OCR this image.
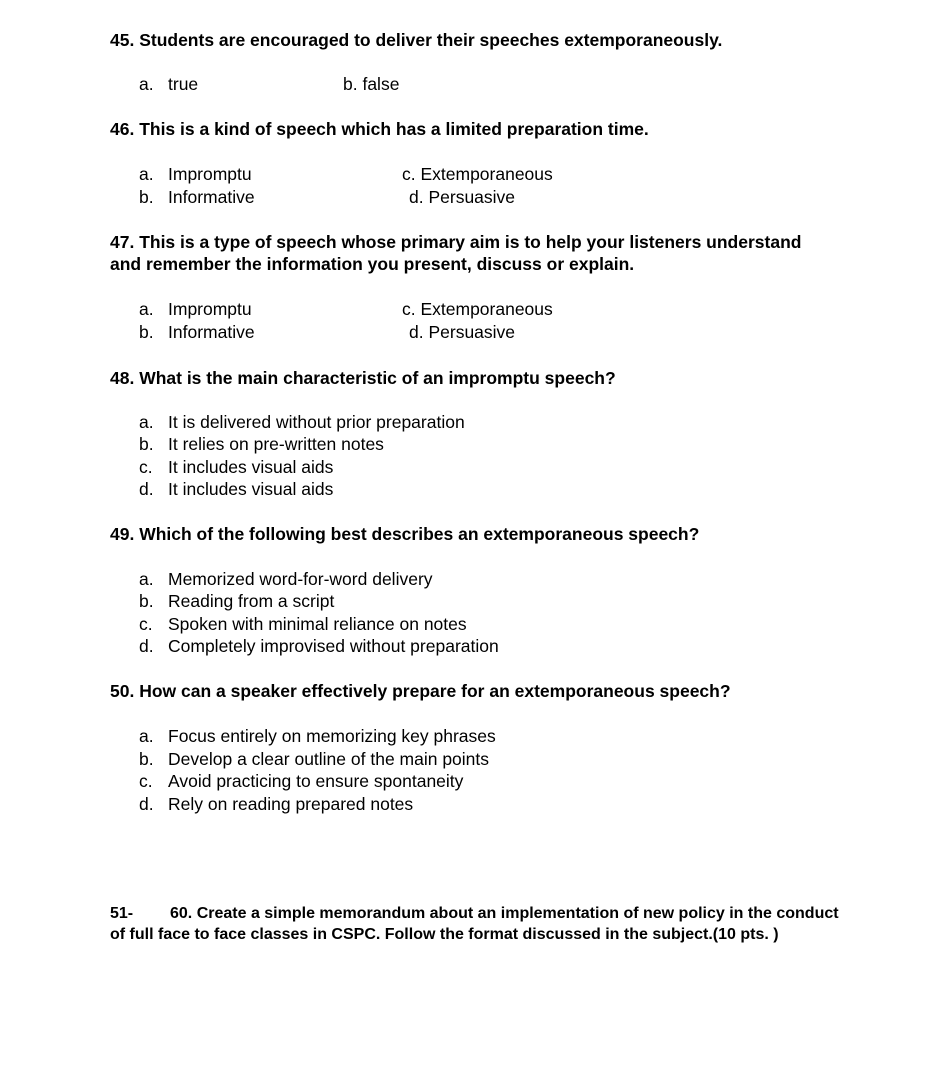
45. Students are encouraged to deliver their speeches extemporaneously.
a. true	b. false
46. This is a kind of speech which has a limited preparation time.
a. Impromptu
b. Informative
c. Extemporaneous
d. Persuasive
47. This is a type of speech whose primary aim is to help your listeners understand and remember the information you present, discuss or explain.
a. Impromptu
b. Informative
c. Extemporaneous
d. Persuasive
48. What is the main characteristic of an impromptu speech?
a. It is delivered without prior preparation
b. It relies on pre-written notes
c. It includes visual aids
d. It includes visual aids
49. Which of the following best describes an extemporaneous speech?
a. Memorized word-for-word delivery
b. Reading from a script
c. Spoken with minimal reliance on notes
d. Completely improvised without preparation
50. How can a speaker effectively prepare for an extemporaneous speech?
a. Focus entirely on memorizing key phrases
b. Develop a clear outline of the main points
c. Avoid practicing to ensure spontaneity
d. Rely on reading prepared notes
51- 60. Create a simple memorandum about an implementation of new policy in the conduct of full face to face classes in CSPC. Follow the format discussed in the subject.(10 pts. )
